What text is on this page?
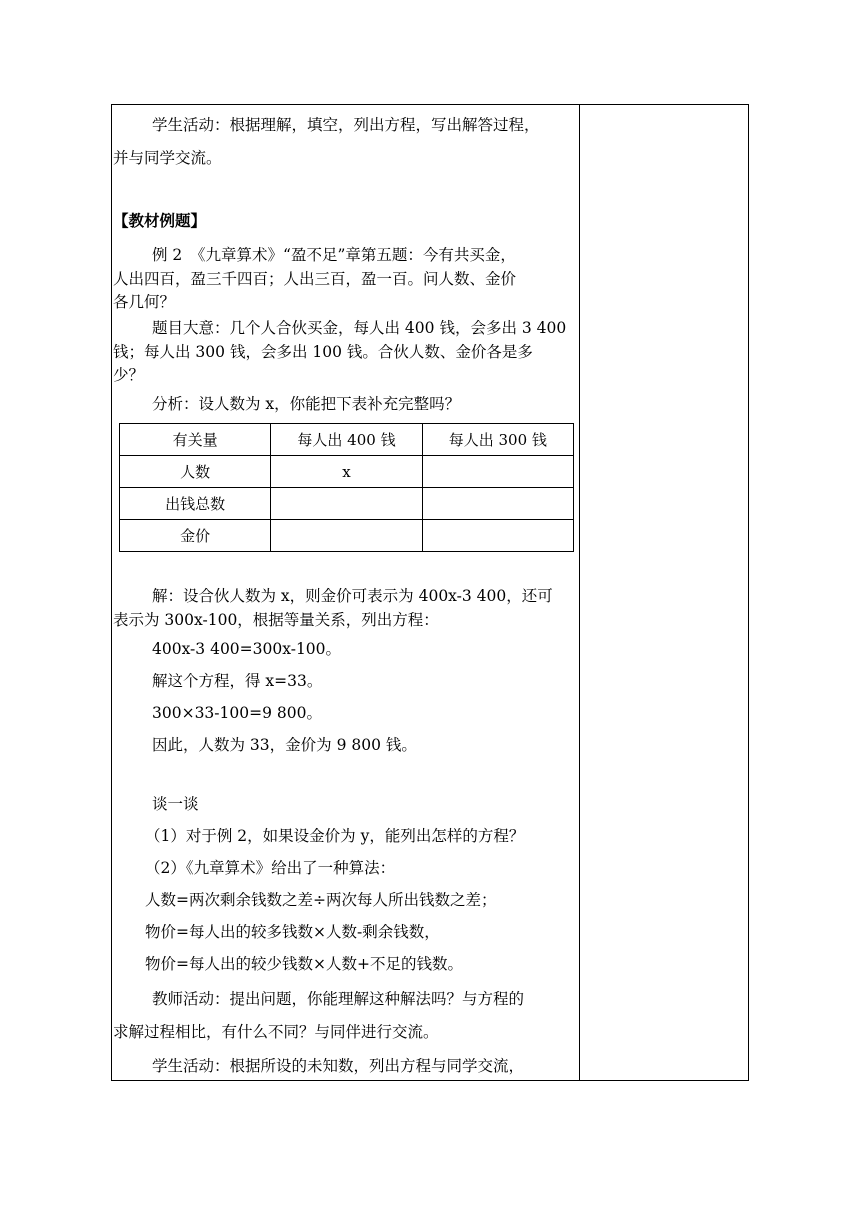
学生活动：根据理解，填空，列出方程，写出解答过程，
并与同学交流。
【教材例题】
例 2　《九章算术》“盈不足”章第五题：今有共买金，
人出四百，盈三千四百；人出三百，盈一百。问人数、金价
各几何？
题目大意：几个人合伙买金，每人出 400 钱，会多出 3 400
钱；每人出 300 钱，会多出 100 钱。合伙人数、金价各是多
少？
分析：设人数为 x，你能把下表补充完整吗？
有关量	每人出 400 钱	每人出 300 钱
人数	x	
出钱总数		
金价		
解：设合伙人数为 x，则金价可表示为 400x-3 400，还可
表示为 300x-100，根据等量关系，列出方程：
400x-3 400=300x-100。
解这个方程，得 x=33。
300×33-100=9 800。
因此，人数为 33，金价为 9 800 钱。
谈一谈
（1）对于例 2，如果设金价为 y，能列出怎样的方程？
（2）《九章算术》给出了一种算法：
人数=两次剩余钱数之差÷两次每人所出钱数之差；
物价=每人出的较多钱数×人数-剩余钱数，
物价=每人出的较少钱数×人数+不足的钱数。
教师活动：提出问题，你能理解这种解法吗？与方程的
求解过程相比，有什么不同？与同伴进行交流。
学生活动：根据所设的未知数，列出方程与同学交流，
